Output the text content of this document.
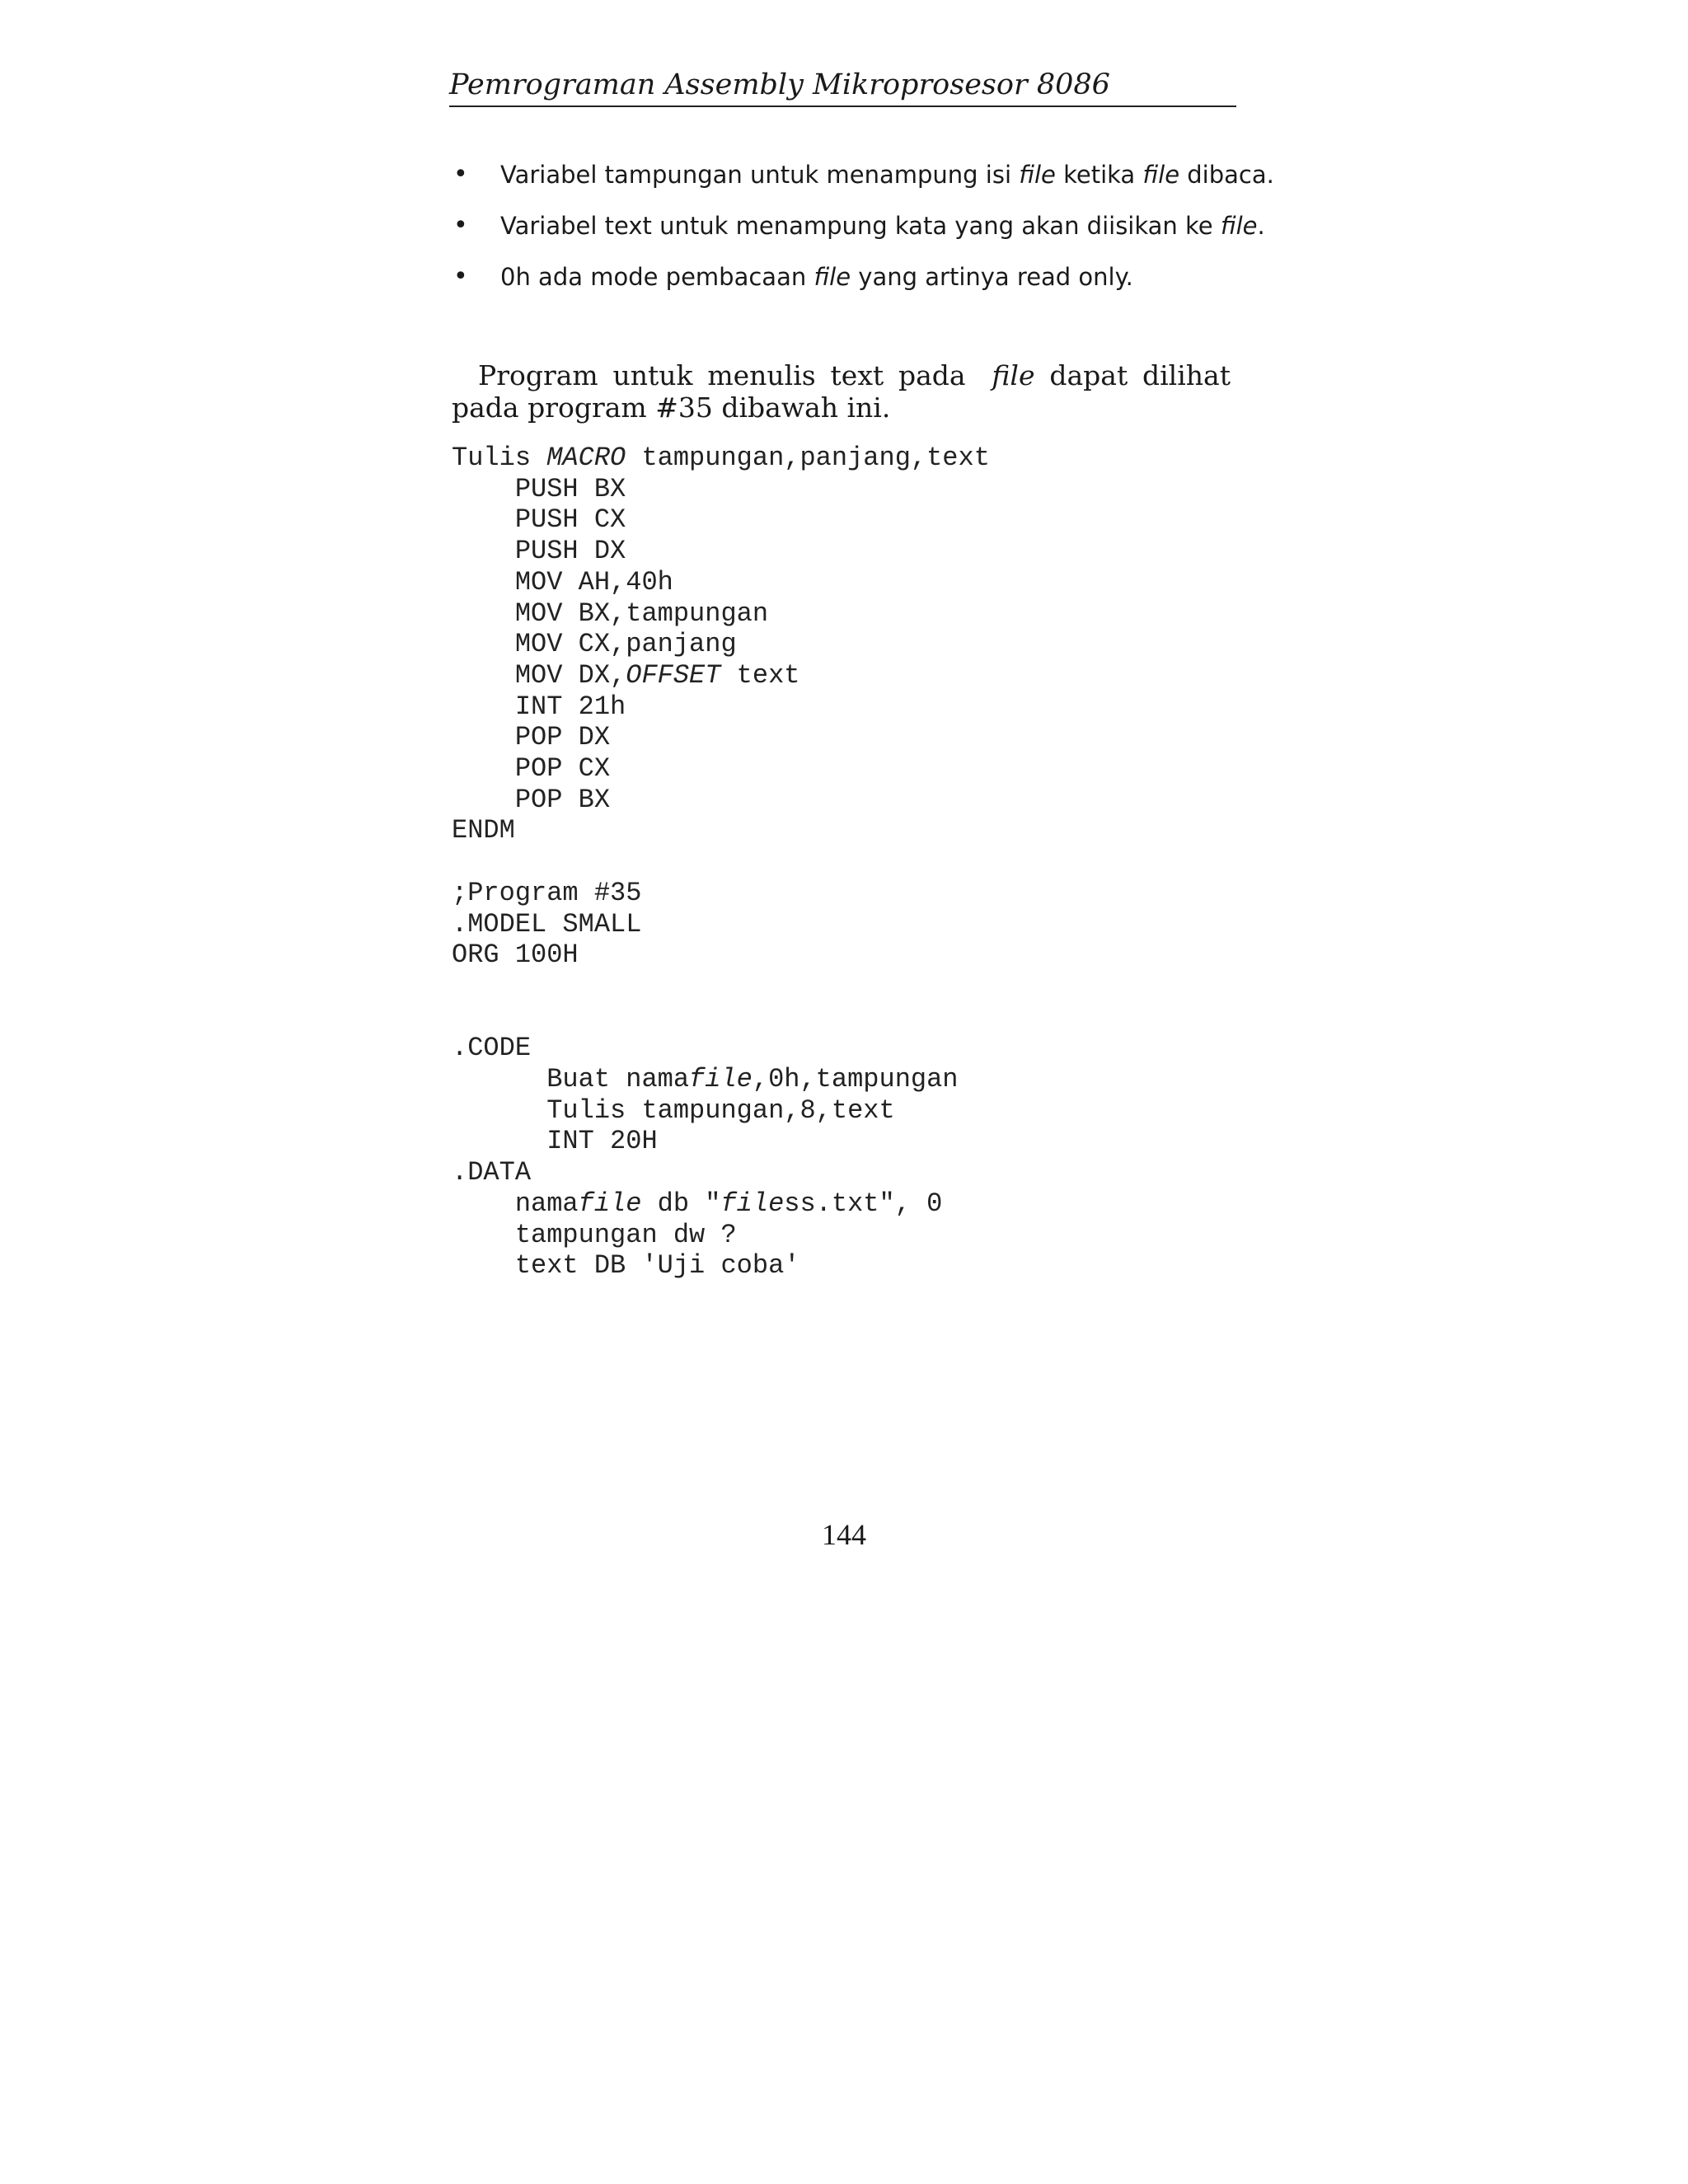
Pemrograman Assembly Mikroprosesor 8086
• Variabel tampungan untuk menampung isi file ketika file dibaca.
• Variabel text untuk menampung kata yang akan diisikan ke file.
• 0h ada mode pembacaan file yang artinya read only.

Program untuk menulis text pada file dapat dilihat pada program #35 dibawah ini.

Tulis MACRO tampungan,panjang,text
PUSH BX
PUSH CX
PUSH DX
MOV AH,40h
MOV BX,tampungan
MOV CX,panjang
MOV DX,OFFSET text
INT 21h
POP DX
POP CX
POP BX
ENDM

;Program #35
.MODEL SMALL
ORG 100H

.CODE
Buat namafile,0h,tampungan
Tulis tampungan,8,text
INT 20H
.DATA
namafile db "filess.txt", 0
tampungan dw ?
text DB 'Uji coba'
144
